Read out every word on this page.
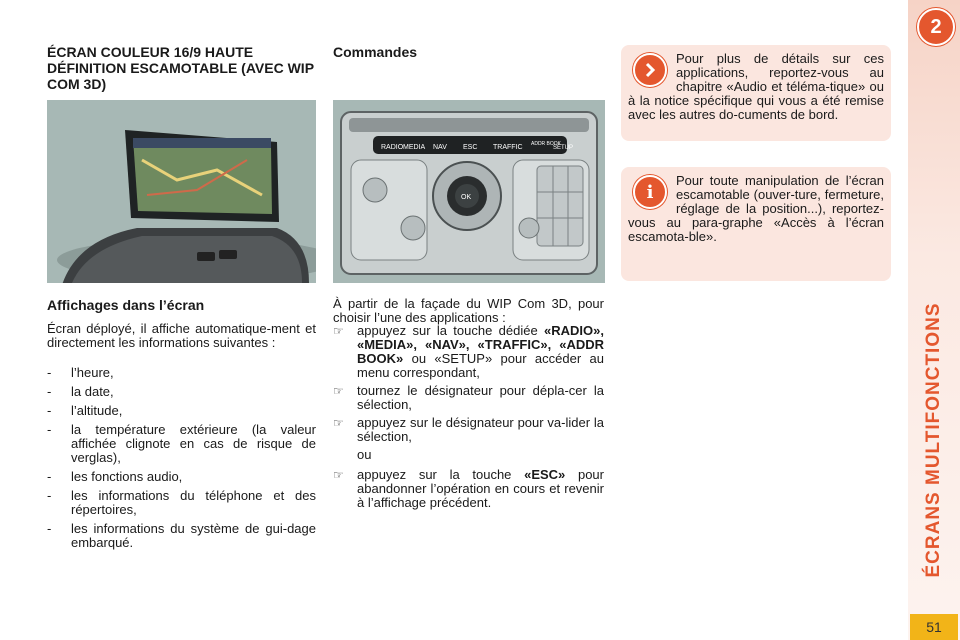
2
ÉCRANS MULTIFONCTIONS
51
ÉCRAN COULEUR 16/9 HAUTE DÉFINITION ESCAMOTABLE (AVEC WIP COM 3D)
Affichages dans l’écran
Écran déployé, il affiche automatique-ment et directement les informations suivantes :
-	l’heure,
-	la date,
-	l’altitude,
-	la température extérieure (la valeur affichée clignote en cas de risque de verglas),
-	les fonctions audio,
-	les informations du téléphone et des répertoires,
-	les informations du système de gui-dage embarqué.
Commandes
RADIO MEDIA NAV ESC TRAFFIC ADDR BOOK
SETUP
OK
À partir de la façade du WIP Com 3D, pour choisir l’une des applications :
☞	appuyez sur la touche dédiée «RADIO», «MEDIA», «NAV», «TRAFFIC», «ADDR BOOK» ou «SETUP» pour accéder au menu correspondant,
☞	tournez le désignateur pour dépla-cer la sélection,
☞	appuyez sur le désignateur pour va-lider la sélection,
ou
☞	appuyez sur la touche «ESC» pour abandonner l’opération en cours et revenir à l’affichage précédent.
Pour plus de détails sur ces applications, reportez-vous au chapitre «Audio et téléma-tique» ou à la notice spécifique qui vous a été remise avec les autres do-cuments de bord.
Pour toute manipulation de l’écran escamotable (ouver-ture, fermeture, réglage de la position...), reportez-vous au para-graphe «Accès à l’écran escamota-ble».
i
